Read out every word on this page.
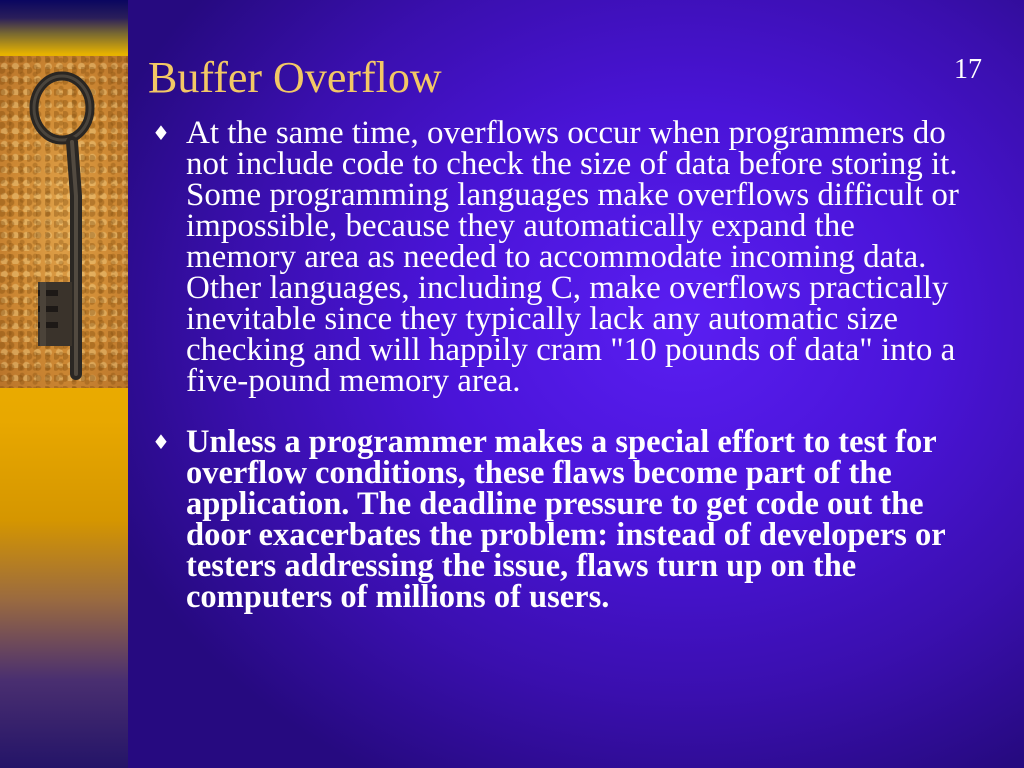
Buffer Overflow	17
♦ At the same time, overflows occur when programmers do not include code to check the size of data before storing it. Some programming languages make overflows difficult or impossible, because they automatically expand the memory area as needed to accommodate incoming data. Other languages, including C, make overflows practically inevitable since they typically lack any automatic size checking and will happily cram "10 pounds of data" into a five-pound memory area.
♦ Unless a programmer makes a special effort to test for overflow conditions, these flaws become part of the application. The deadline pressure to get code out the door exacerbates the problem: instead of developers or testers addressing the issue, flaws turn up on the computers of millions of users.
